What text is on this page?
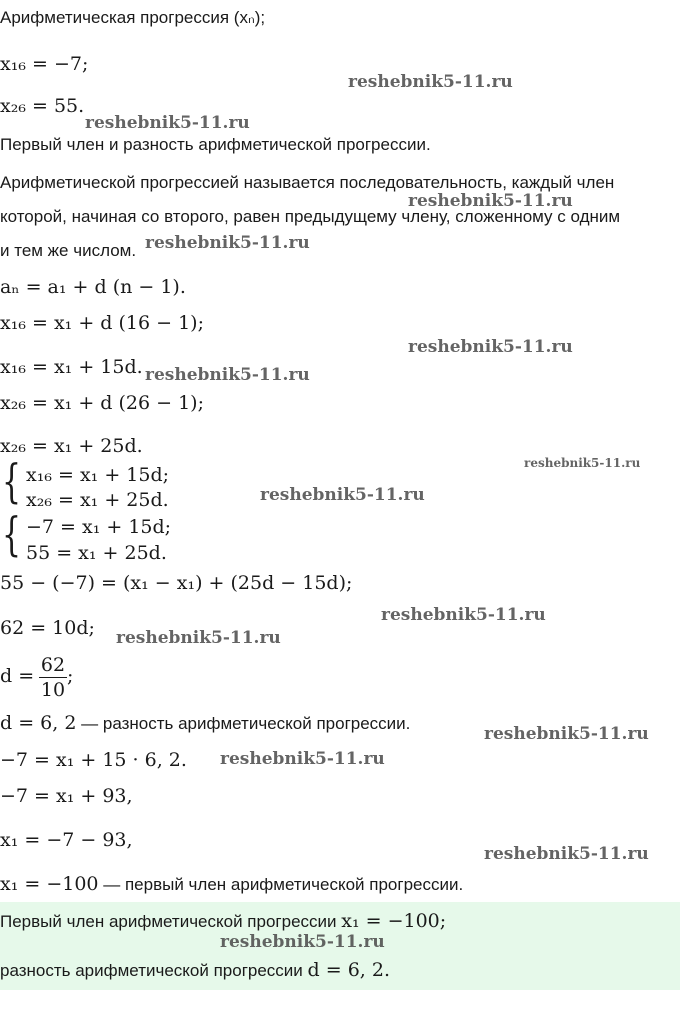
Арифметическая прогрессия (xₙ);
x₁₆ = −7;
x₂₆ = 55.
Первый член и разность арифметической прогрессии.
Арифметической прогрессией называется последовательность, каждый член
которой, начиная со второго, равен предыдущему члену, сложенному с одним
и тем же числом.
aₙ = a₁ + d (n − 1).
x₁₆ = x₁ + d (16 − 1);
x₁₆ = x₁ + 15d.
x₂₆ = x₁ + d (26 − 1);
x₂₆ = x₁ + 25d.
{ x₁₆ = x₁ + 15d;
x₂₆ = x₁ + 25d.
{ −7 = x₁ + 15d;
55 = x₁ + 25d.
55 − (−7) = (x₁ − x₁) + (25d − 15d);
62 = 10d;
$d = \frac{62}{10}$ ;
d = 6, 2 — разность арифметической прогрессии.
−7 = x₁ + 15 · 6, 2.
−7 = x₁ + 93,
x₁ = −7 − 93,
x₁ = −100 — первый член арифметической прогрессии.
Первый член арифметической прогрессии x₁ = −100;
разность арифметической прогрессии d = 6, 2.
reshebnik5-11.ru
reshebnik5-11.ru
reshebnik5-11.ru
reshebnik5-11.ru
reshebnik5-11.ru
reshebnik5-11.ru
reshebnik5-11.ru
reshebnik5-11.ru
reshebnik5-11.ru
reshebnik5-11.ru
reshebnik5-11.ru
reshebnik5-11.ru
reshebnik5-11.ru
reshebnik5-11.ru
